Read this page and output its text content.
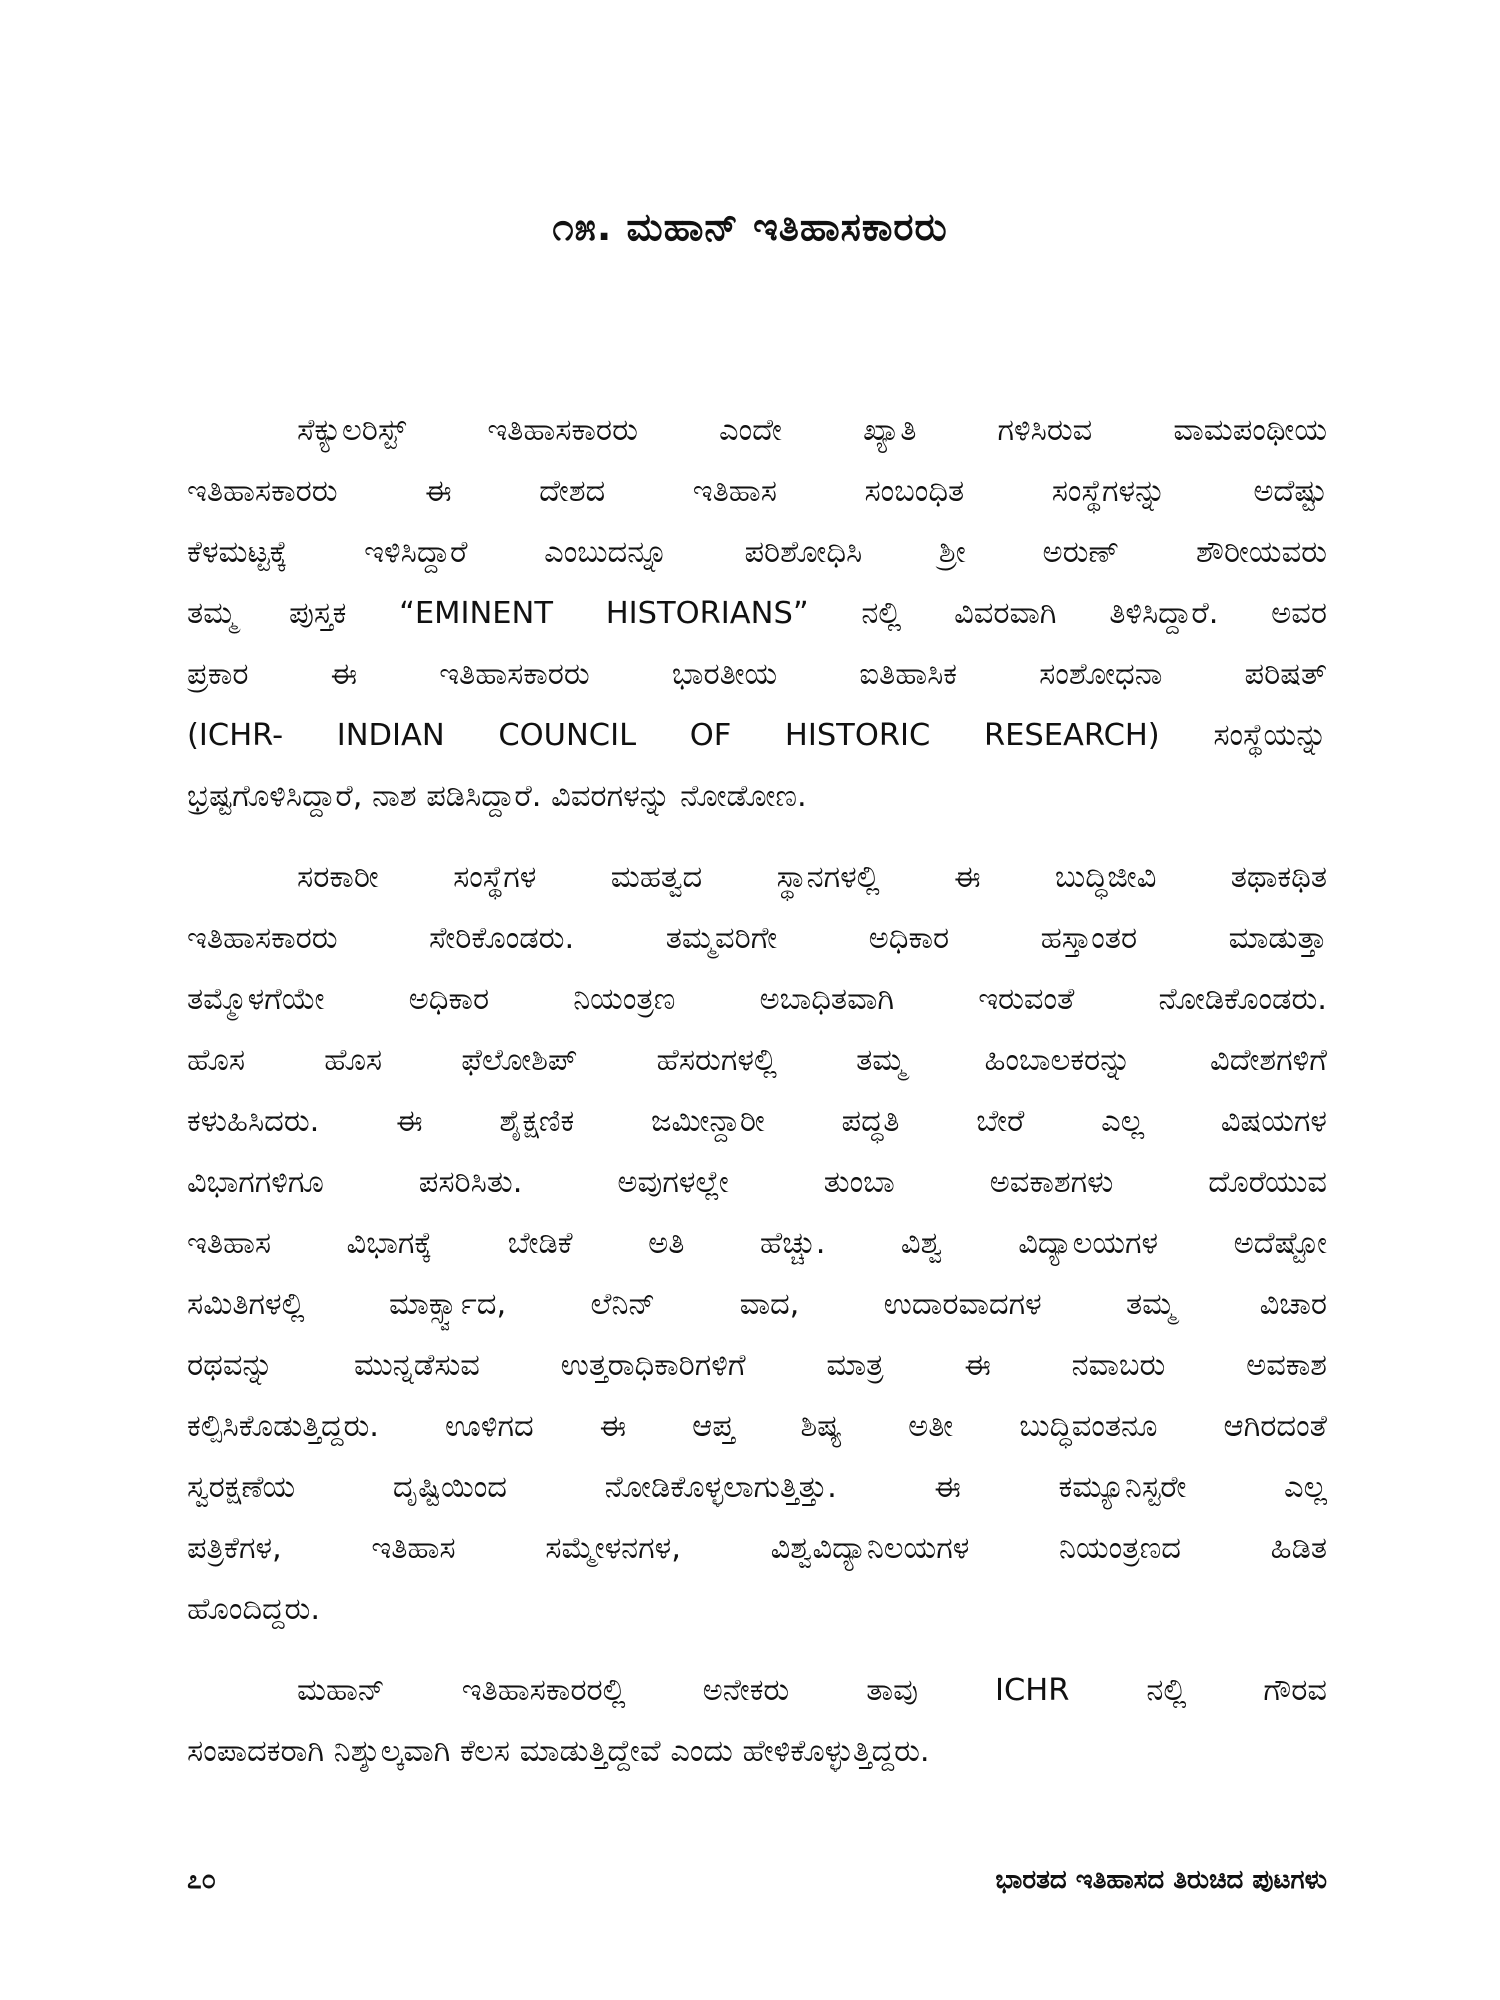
೧೫. ಮಹಾನ್ ಇತಿಹಾಸಕಾರರು

ಸೆಕ್ಯುಲರಿಸ್ಟ್ ಇತಿಹಾಸಕಾರರು ಎಂದೇ ಖ್ಯಾತಿ ಗಳಿಸಿರುವ ವಾಮಪಂಥೀಯ
ಇತಿಹಾಸಕಾರರು ಈ ದೇಶದ ಇತಿಹಾಸ ಸಂಬಂಧಿತ ಸಂಸ್ಥೆಗಳನ್ನು ಅದೆಷ್ಟು
ಕೆಳಮಟ್ಟಕ್ಕೆ ಇಳಿಸಿದ್ದಾರೆ ಎಂಬುದನ್ನೂ ಪರಿಶೋಧಿಸಿ ಶ್ರೀ ಅರುಣ್ ಶೌರೀಯವರು
ತಮ್ಮ ಪುಸ್ತಕ “EMINENT HISTORIANS” ನಲ್ಲಿ ವಿವರವಾಗಿ ತಿಳಿಸಿದ್ದಾರೆ. ಅವರ
ಪ್ರಕಾರ ಈ ಇತಿಹಾಸಕಾರರು ಭಾರತೀಯ ಐತಿಹಾಸಿಕ ಸಂಶೋಧನಾ ಪರಿಷತ್
(ICHR- INDIAN COUNCIL OF HISTORIC RESEARCH) ಸಂಸ್ಥೆಯನ್ನು
ಭ್ರಷ್ಟಗೊಳಿಸಿದ್ದಾರೆ, ನಾಶ ಪಡಿಸಿದ್ದಾರೆ. ವಿವರಗಳನ್ನು ನೋಡೋಣ.

ಸರಕಾರೀ ಸಂಸ್ಥೆಗಳ ಮಹತ್ವದ ಸ್ಥಾನಗಳಲ್ಲಿ ಈ ಬುದ್ಧಿಜೀವಿ ತಥಾಕಥಿತ
ಇತಿಹಾಸಕಾರರು ಸೇರಿಕೊಂಡರು. ತಮ್ಮವರಿಗೇ ಅಧಿಕಾರ ಹಸ್ತಾಂತರ ಮಾಡುತ್ತಾ
ತಮ್ಮೊಳಗೆಯೇ ಅಧಿಕಾರ ನಿಯಂತ್ರಣ ಅಬಾಧಿತವಾಗಿ ಇರುವಂತೆ ನೋಡಿಕೊಂಡರು.
ಹೊಸ ಹೊಸ ಫೆಲೋಶಿಪ್ ಹೆಸರುಗಳಲ್ಲಿ ತಮ್ಮ ಹಿಂಬಾಲಕರನ್ನು ವಿದೇಶಗಳಿಗೆ
ಕಳುಹಿಸಿದರು. ಈ ಶೈಕ್ಷಣಿಕ ಜಮೀನ್ದಾರೀ ಪದ್ಧತಿ ಬೇರೆ ಎಲ್ಲ ವಿಷಯಗಳ
ವಿಭಾಗಗಳಿಗೂ ಪಸರಿಸಿತು. ಅವುಗಳಲ್ಲೇ ತುಂಬಾ ಅವಕಾಶಗಳು ದೊರೆಯುವ
ಇತಿಹಾಸ ವಿಭಾಗಕ್ಕೆ ಬೇಡಿಕೆ ಅತಿ ಹೆಚ್ಚು. ವಿಶ್ವ ವಿದ್ಯಾಲಯಗಳ ಅದೆಷ್ಟೋ
ಸಮಿತಿಗಳಲ್ಲಿ ಮಾರ್ಕ್ಸ್ವಾದ, ಲೆನಿನ್ ವಾದ, ಉದಾರವಾದಗಳ ತಮ್ಮ ವಿಚಾರ
ರಥವನ್ನು ಮುನ್ನಡೆಸುವ ಉತ್ತರಾಧಿಕಾರಿಗಳಿಗೆ ಮಾತ್ರ ಈ ನವಾಬರು ಅವಕಾಶ
ಕಲ್ಪಿಸಿಕೊಡುತ್ತಿದ್ದರು. ಊಳಿಗದ ಈ ಆಪ್ತ ಶಿಷ್ಯ ಅತೀ ಬುದ್ಧಿವಂತನೂ ಆಗಿರದಂತೆ
ಸ್ವರಕ್ಷಣೆಯ ದೃಷ್ಟಿಯಿಂದ ನೋಡಿಕೊಳ್ಳಲಾಗುತ್ತಿತ್ತು. ಈ ಕಮ್ಯೂನಿಸ್ಟರೇ ಎಲ್ಲ
ಪತ್ರಿಕೆಗಳ, ಇತಿಹಾಸ ಸಮ್ಮೇಳನಗಳ, ವಿಶ್ವವಿದ್ಯಾನಿಲಯಗಳ ನಿಯಂತ್ರಣದ ಹಿಡಿತ
ಹೊಂದಿದ್ದರು.

ಮಹಾನ್ ಇತಿಹಾಸಕಾರರಲ್ಲಿ ಅನೇಕರು ತಾವು ICHR ನಲ್ಲಿ ಗೌರವ
ಸಂಪಾದಕರಾಗಿ ನಿಶ್ಶುಲ್ಕವಾಗಿ ಕೆಲಸ ಮಾಡುತ್ತಿದ್ದೇವೆ ಎಂದು ಹೇಳಿಕೊಳ್ಳುತ್ತಿದ್ದರು.

೭೦	ಭಾರತದ ಇತಿಹಾಸದ ತಿರುಚಿದ ಪುಟಗಳು
